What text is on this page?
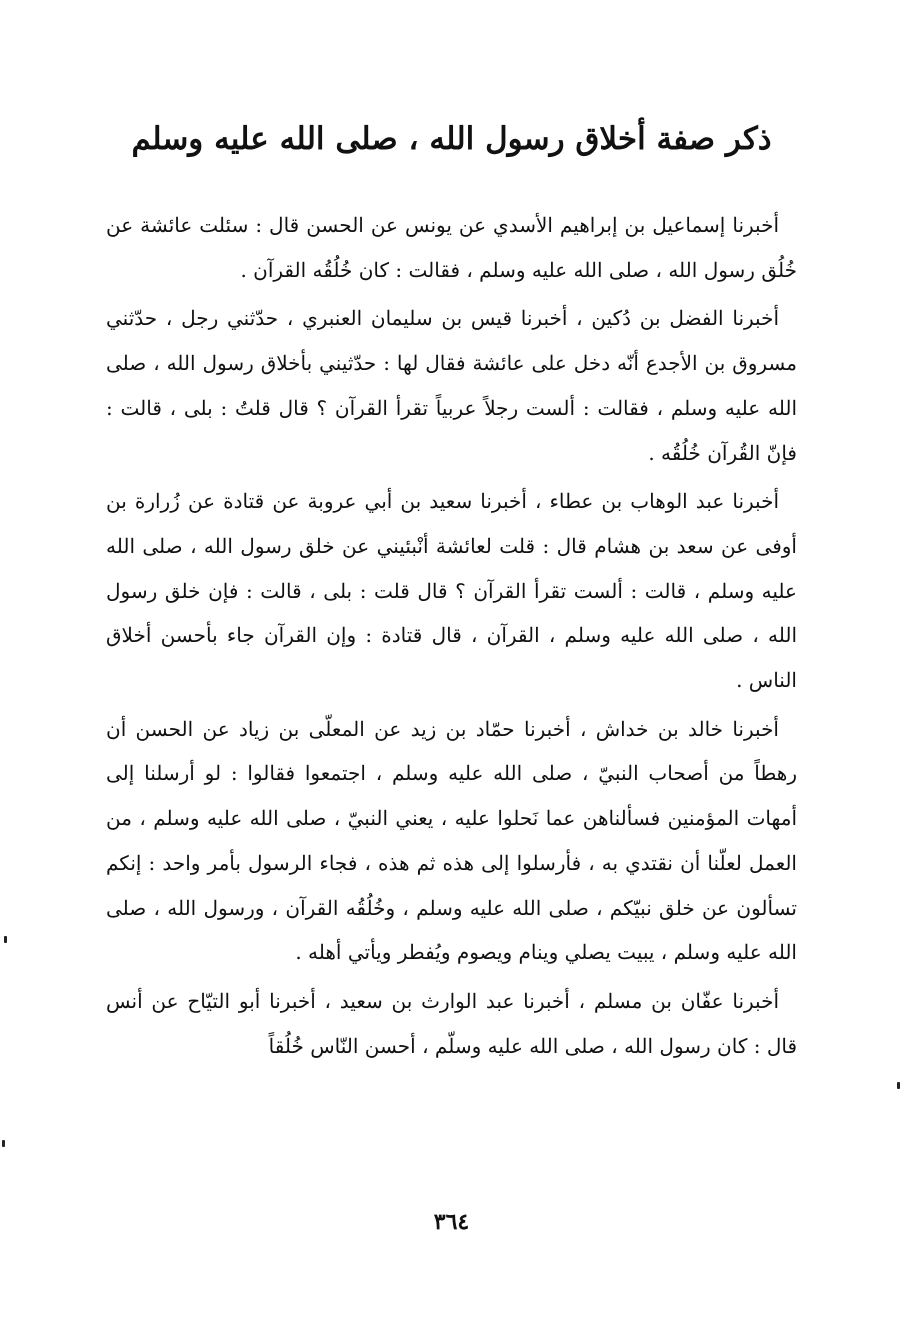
ذكر صفة أخلاق رسول الله ، صلى الله عليه وسلم

أخبرنا إسماعيل بن إبراهيم الأسدي عن يونس عن الحسن قال : سئلت عائشة عن خُلُق رسول الله ، صلى الله عليه وسلم ، فقالت : كان خُلُقُه القرآن .

أخبرنا الفضل بن دُكين ، أخبرنا قيس بن سليمان العنبري ، حدّثني رجل ، حدّثني مسروق بن الأجدع أنّه دخل على عائشة فقال لها : حدّثيني بأخلاق رسول الله ، صلى الله عليه وسلم ، فقالت : ألست رجلاً عربياً تقرأ القرآن ؟ قال قلتُ : بلى ، قالت : فإنّ القُرآن خُلُقُه .

أخبرنا عبد الوهاب بن عطاء ، أخبرنا سعيد بن أبي عروبة عن قتادة عن زُرارة بن أوفى عن سعد بن هشام قال : قلت لعائشة أنْبئيني عن خلق رسول الله ، صلى الله عليه وسلم ، قالت : ألست تقرأ القرآن ؟ قال قلت : بلى ، قالت : فإن خلق رسول الله ، صلى الله عليه وسلم ، القرآن ، قال قتادة : وإن القرآن جاء بأحسن أخلاق الناس .

أخبرنا خالد بن خداش ، أخبرنا حمّاد بن زيد عن المعلّى بن زياد عن الحسن أن رهطاً من أصحاب النبيّ ، صلى الله عليه وسلم ، اجتمعوا فقالوا : لو أرسلنا إلى أمهات المؤمنين فسألناهن عما نَحلوا عليه ، يعني النبيّ ، صلى الله عليه وسلم ، من العمل لعلّنا أن نقتدي به ، فأرسلوا إلى هذه ثم هذه ، فجاء الرسول بأمر واحد : إنكم تسألون عن خلق نبيّكم ، صلى الله عليه وسلم ، وخُلُقُه القرآن ، ورسول الله ، صلى الله عليه وسلم ، يبيت يصلي وينام ويصوم ويُفطر ويأتي أهله .

أخبرنا عفّان بن مسلم ، أخبرنا عبد الوارث بن سعيد ، أخبرنا أبو التيّاح عن أنس قال : كان رسول الله ، صلى الله عليه وسلّم ، أحسن النّاس خُلُقاً

٣٦٤
